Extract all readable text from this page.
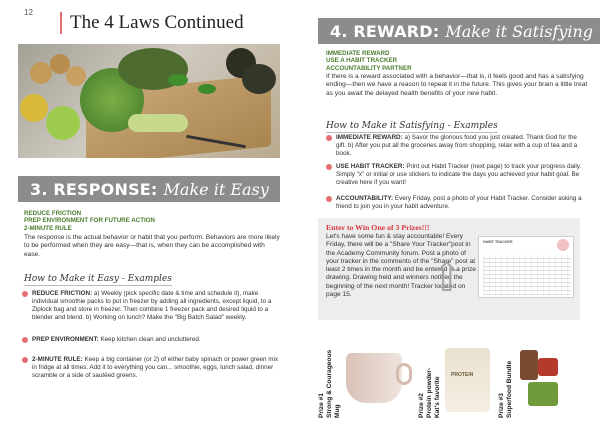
12	The 4 Laws Continued
3. RESPONSE: Make it Easy
REDUCE FRICTION
PREP ENVIRONMENT FOR FUTURE ACTION
2-MINUTE RULE
The response is the actual behavior or habit that you perform. Behaviors are more likely to be performed when they are easy—that is, when they can be accomplished with ease.
How to Make it Easy - Examples
REDUCE FRICTION: a) Weekly (pick specific date & time and schedule it), make individual smoothie packs to put in freezer by adding all ingredients, except liquid, to a Ziplock bag and store in freezer. Then combine 1 freezer pack and desired liquid to a blender and blend. b) Working on lunch? Make the "Big Batch Salad" weekly.
PREP ENVIRONMENT: Keep kitchen clean and uncluttered.
2-MINUTE RULE: Keep a big container (or 2) of either baby spinach or power green mix in fridge at all times. Add it to everything you can... smoothie, eggs, lunch salad, dinner scramble or a side of sautéed greens.
4. REWARD: Make it Satisfying
IMMEDIATE REWARD
USE A HABIT TRACKER
ACCOUNTABILITY PARTNER
If there is a reward associated with a behavior—that is, it feels good and has a satisfying ending—then we have a reason to repeat it in the future. This gives your brain a little treat as you await the delayed health benefits of your new habit.
How to Make it Satisfying - Examples
IMMEDIATE REWARD: a) Savor the glorious food you just created. Thank God for the gift. b) After you put all the groceries away from shopping, relax with a cup of tea and a book.
USE HABIT TRACKER: Print out Habit Tracker (next page) to track your progress daily. Simply "x" or initial or use stickers to indicate the days you achieved your habit goal. Be creative here if you want!
ACCOUNTABILITY: Every Friday, post a photo of your Habit Tracker. Consider asking a friend to join you in your habit adventure.
Enter to Win One of 3 Prizes!!!
Let's have some fun & stay accountable! Every Friday, there will be a "Share Your Tracker"post in the Academy Community forum. Post a photo of your tracker in the comments of the "Share" post at least 2 times in the month and be entered in a prize drawing. Drawing held and winners notified the beginning of the next month! Tracker located on page 15.
HABIT TRACKER
⇧
PROTEIN
Prize #1 Strong & Courageous Mug	Prize #2 Protein powder- Kat's favorite	Prize #3 Superfood Bundle
